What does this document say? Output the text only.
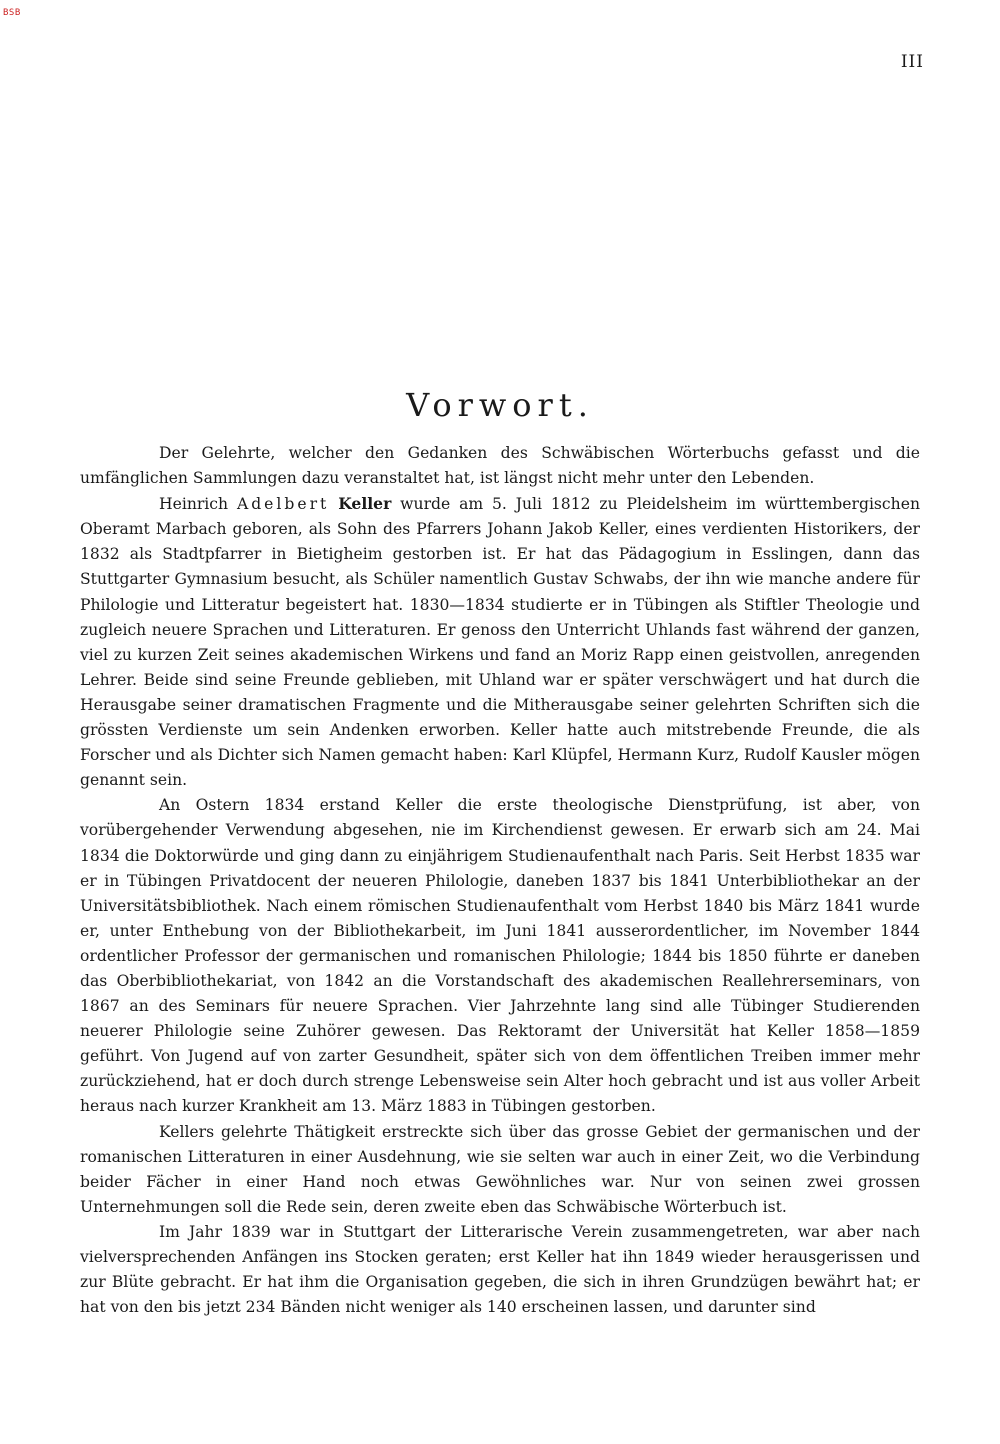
BSB
III
Vorwort.

Der Gelehrte, welcher den Gedanken des Schwäbischen Wörterbuchs gefasst und die umfänglichen Sammlungen dazu veranstaltet hat, ist längst nicht mehr unter den Lebenden.

Heinrich Adelbert Keller wurde am 5. Juli 1812 zu Pleidelsheim im württembergischen Oberamt Marbach geboren, als Sohn des Pfarrers Johann Jakob Keller, eines verdienten Historikers, der 1832 als Stadtpfarrer in Bietigheim gestorben ist. Er hat das Pädagogium in Esslingen, dann das Stuttgarter Gymnasium besucht, als Schüler namentlich Gustav Schwabs, der ihn wie manche andere für Philologie und Litteratur begeistert hat. 1830—1834 studierte er in Tübingen als Stiftler Theologie und zugleich neuere Sprachen und Litteraturen. Er genoss den Unterricht Uhlands fast während der ganzen, viel zu kurzen Zeit seines akademischen Wirkens und fand an Moriz Rapp einen geistvollen, anregenden Lehrer. Beide sind seine Freunde geblieben, mit Uhland war er später verschwägert und hat durch die Herausgabe seiner dramatischen Fragmente und die Mitherausgabe seiner gelehrten Schriften sich die grössten Verdienste um sein Andenken erworben. Keller hatte auch mitstrebende Freunde, die als Forscher und als Dichter sich Namen gemacht haben: Karl Klüpfel, Hermann Kurz, Rudolf Kausler mögen genannt sein.

An Ostern 1834 erstand Keller die erste theologische Dienstprüfung, ist aber, von vorübergehender Verwendung abgesehen, nie im Kirchendienst gewesen. Er erwarb sich am 24. Mai 1834 die Doktorwürde und ging dann zu einjährigem Studienaufenthalt nach Paris. Seit Herbst 1835 war er in Tübingen Privatdocent der neueren Philologie, daneben 1837 bis 1841 Unterbibliothekar an der Universitätsbibliothek. Nach einem römischen Studienaufenthalt vom Herbst 1840 bis März 1841 wurde er, unter Enthebung von der Bibliothekarbeit, im Juni 1841 ausserordentlicher, im November 1844 ordentlicher Professor der germanischen und romanischen Philologie; 1844 bis 1850 führte er daneben das Oberbibliothekariat, von 1842 an die Vorstandschaft des akademischen Reallehrerseminars, von 1867 an des Seminars für neuere Sprachen. Vier Jahrzehnte lang sind alle Tübinger Studierenden neuerer Philologie seine Zuhörer gewesen. Das Rektoramt der Universität hat Keller 1858—1859 geführt. Von Jugend auf von zarter Gesundheit, später sich von dem öffentlichen Treiben immer mehr zurückziehend, hat er doch durch strenge Lebensweise sein Alter hoch gebracht und ist aus voller Arbeit heraus nach kurzer Krankheit am 13. März 1883 in Tübingen gestorben.

Kellers gelehrte Thätigkeit erstreckte sich über das grosse Gebiet der germanischen und der romanischen Litteraturen in einer Ausdehnung, wie sie selten war auch in einer Zeit, wo die Verbindung beider Fächer in einer Hand noch etwas Gewöhnliches war. Nur von seinen zwei grossen Unternehmungen soll die Rede sein, deren zweite eben das Schwäbische Wörterbuch ist.

Im Jahr 1839 war in Stuttgart der Litterarische Verein zusammengetreten, war aber nach vielversprechenden Anfängen ins Stocken geraten; erst Keller hat ihn 1849 wieder herausgerissen und zur Blüte gebracht. Er hat ihm die Organisation gegeben, die sich in ihren Grundzügen bewährt hat; er hat von den bis jetzt 234 Bänden nicht weniger als 140 erscheinen lassen, und darunter sind
